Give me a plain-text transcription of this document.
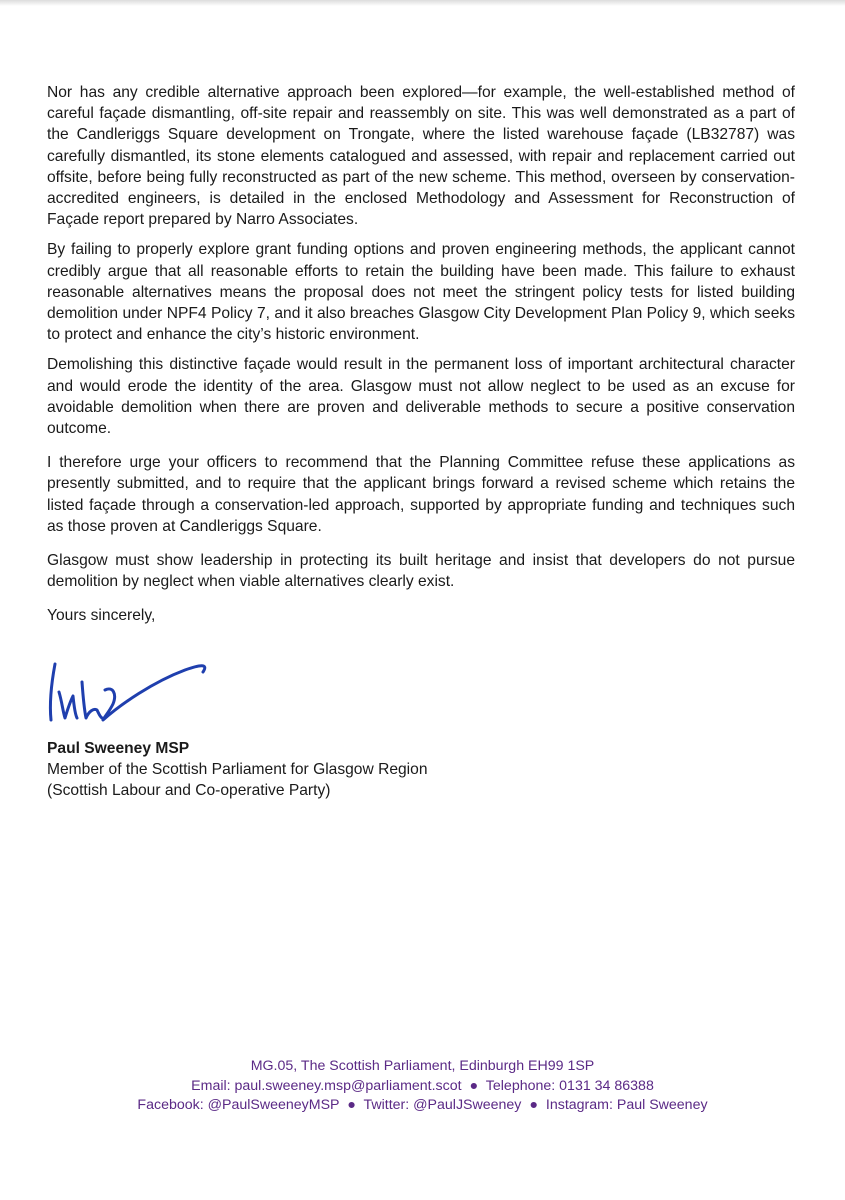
Nor has any credible alternative approach been explored—for example, the well-established method of careful façade dismantling, off-site repair and reassembly on site. This was well demonstrated as a part of the Candleriggs Square development on Trongate, where the listed warehouse façade (LB32787) was carefully dismantled, its stone elements catalogued and assessed, with repair and replacement carried out offsite, before being fully reconstructed as part of the new scheme. This method, overseen by conservation-accredited engineers, is detailed in the enclosed Methodology and Assessment for Reconstruction of Façade report prepared by Narro Associates.

By failing to properly explore grant funding options and proven engineering methods, the applicant cannot credibly argue that all reasonable efforts to retain the building have been made. This failure to exhaust reasonable alternatives means the proposal does not meet the stringent policy tests for listed building demolition under NPF4 Policy 7, and it also breaches Glasgow City Development Plan Policy 9, which seeks to protect and enhance the city’s historic environment.

Demolishing this distinctive façade would result in the permanent loss of important architectural character and would erode the identity of the area. Glasgow must not allow neglect to be used as an excuse for avoidable demolition when there are proven and deliverable methods to secure a positive conservation outcome.

I therefore urge your officers to recommend that the Planning Committee refuse these applications as presently submitted, and to require that the applicant brings forward a revised scheme which retains the listed façade through a conservation-led approach, supported by appropriate funding and techniques such as those proven at Candleriggs Square.

Glasgow must show leadership in protecting its built heritage and insist that developers do not pursue demolition by neglect when viable alternatives clearly exist.

Yours sincerely,
Paul Sweeney MSP
Member of the Scottish Parliament for Glasgow Region
(Scottish Labour and Co-operative Party)
MG.05, The Scottish Parliament, Edinburgh EH99 1SP
Email: paul.sweeney.msp@parliament.scot ● Telephone: 0131 34 86388
Facebook: @PaulSweeneyMSP ● Twitter: @PaulJSweeney ● Instagram: Paul Sweeney
